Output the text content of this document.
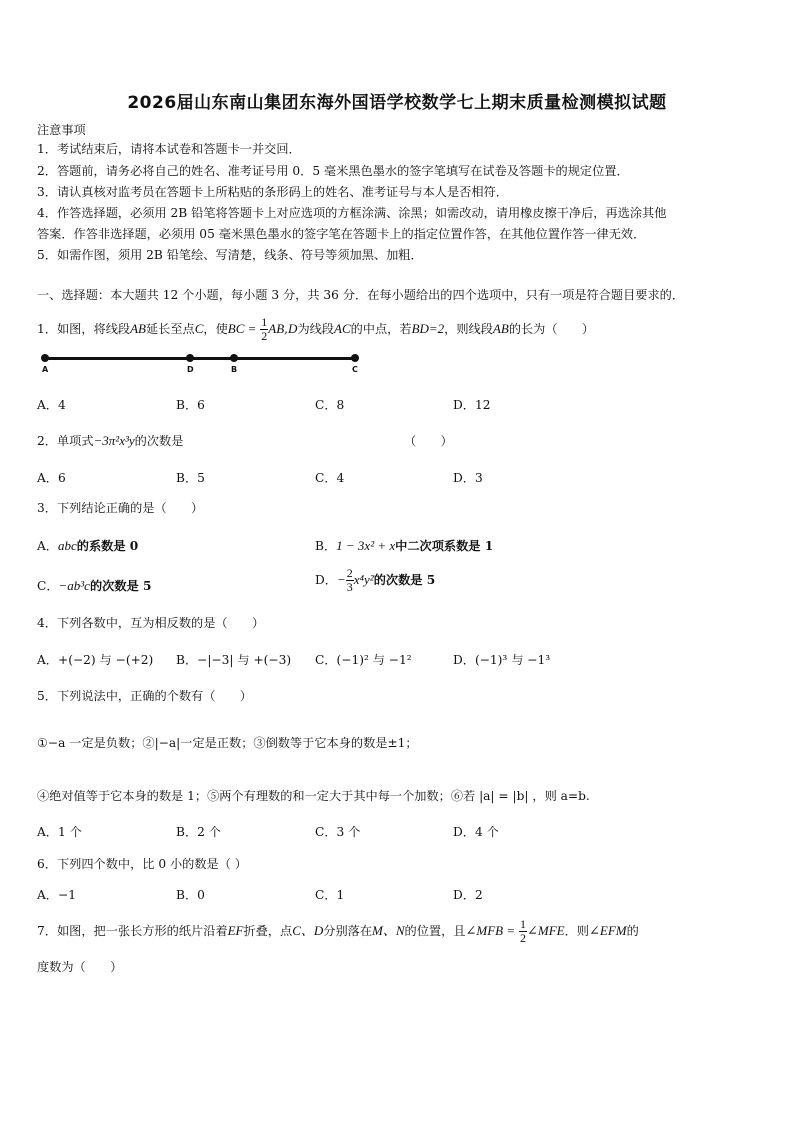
2026届山东南山集团东海外国语学校数学七上期末质量检测模拟试题
注意事项
1．考试结束后，请将本试卷和答题卡一并交回．
2．答题前，请务必将自己的姓名、准考证号用 0．5 毫米黑色墨水的签字笔填写在试卷及答题卡的规定位置．
3．请认真核对监考员在答题卡上所粘贴的条形码上的姓名、准考证号与本人是否相符．
4．作答选择题，必须用 2B 铅笔将答题卡上对应选项的方框涂满、涂黑；如需改动，请用橡皮擦干净后，再选涂其他
答案．作答非选择题，必须用 05 毫米黑色墨水的签字笔在答题卡上的指定位置作答，在其他位置作答一律无效．
5．如需作图，须用 2B 铅笔绘、写清楚，线条、符号等须加黑、加粗．
一、选择题：本大题共 12 个小题，每小题 3 分，共 36 分．在每小题给出的四个选项中，只有一项是符合题目要求的．
1．如图，将线段AB延长至点C，使BC = $\frac{1}{2} AB,D$为线段AC的中点，若BD=2，则线段AB的长为（　　）
A	D	B	C
A．4	B．6	C．8	D．12
2．单项式−3π²x³y的次数是	（　　）
A．6	B．5	C．4	D．3
3．下列结论正确的是（　　）
A．abc的系数是 0	B．1 − 3x² + x中二次项系数是 1
C．−ab³c的次数是 5	D．− $\frac{2}{3} x^4y^2$的次数是 5
4．下列各数中，互为相反数的是（　　）
A．+(−2) 与 −(+2) B．−|−3| 与 +(−3) C．(−1)² 与 −1²	D．(−1)³ 与 −1³
5．下列说法中，正确的个数有（　　）
①−a 一定是负数；②|−a|一定是正数；③倒数等于它本身的数是±1；
④绝对值等于它本身的数是 1；⑤两个有理数的和一定大于其中每一个加数；⑥若 |a| = |b| ，则 a=b.
A．1 个	B．2 个	C．3 个	D．4 个
6．下列四个数中，比 0 小的数是（ ）
A．−1	B．0	C．1	D．2
7．如图，把一张长方形的纸片沿着EF折叠，点C、D分别落在M、N的位置，且∠MFB = $\frac{1}{2}$ ∠MFE．则∠EFM的
度数为（　　）
